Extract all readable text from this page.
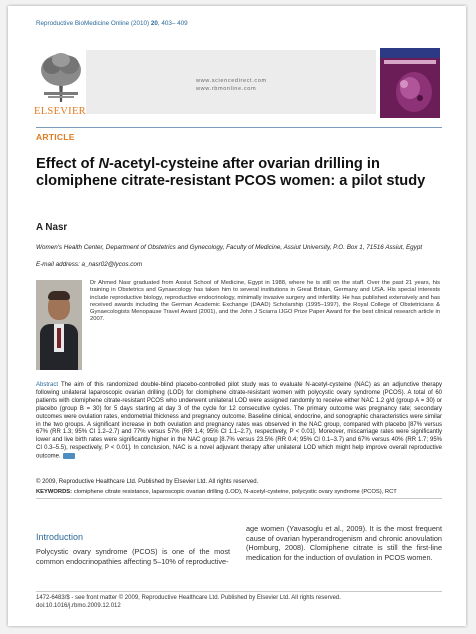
Reproductive BioMedicine Online (2010) 20, 403– 409
ELSEVIER
www.sciencedirect.com
www.rbmonline.com
ARTICLE
Effect of N-acetyl-cysteine after ovarian drilling in clomiphene citrate-resistant PCOS women: a pilot study
A Nasr
Women's Health Center, Department of Obstetrics and Gynecology, Faculty of Medicine, Assiut University, P.O. Box 1, 71516 Assiut, Egypt
E-mail address: a_nasr02@lycos.com
Dr Ahmed Nasr graduated from Assiut School of Medicine, Egypt in 1988, where he is still on the staff. Over the past 21 years, his training in Obstetrics and Gynaecology has taken him to several institutions in Great Britain, Germany and USA. His special interests include reproductive biology, reproductive endocrinology, minimally invasive surgery and infertility. He has published extensively and has received awards including the German Academic Exchange (DAAD) Scholarship (1995–1997), the Royal College of Obstetricians & Gynaecologists Menopause Travel Award (2001), and the John J Sciarra IJGO Prize Paper Award for the best clinical research article in 2007.
Abstract The aim of this randomized double-blind placebo-controlled pilot study was to evaluate N-acetyl-cysteine (NAC) as an adjunctive therapy following unilateral laparoscopic ovarian drilling (LOD) for clomiphene citrate-resistant women with polycystic ovary syndrome (PCOS). A total of 60 patients with clomiphene citrate-resistant PCOS who underwent unilateral LOD were assigned randomly to receive either NAC 1.2 g/d (group A = 30) or placebo (group B = 30) for 5 days starting at day 3 of the cycle for 12 consecutive cycles. The primary outcome was pregnancy rate; secondary outcomes were ovulation rates, endometrial thickness and pregnancy outcome. Baseline clinical, endocrine, and sonographic characteristics were similar in the two groups. A significant increase in both ovulation and pregnancy rates was observed in the NAC group, compared with placebo [87% versus 67% (RR 1.3; 95% CI 1.2–2.7) and 77% versus 57% (RR 1.4; 95% CI 1.1–2.7), respectively, P < 0.01]. Moreover, miscarriage rates were significantly lower and live birth rates were significantly higher in the NAC group [8.7% versus 23.5% (RR 0.4; 95% CI 0.1–3.7) and 67% versus 40% (RR 1.7; 95% CI 0.3–5.5), respectively, P < 0.01]. In conclusion, NAC is a novel adjuvant therapy after unilateral LOD which might help improve overall reproductive outcome.
© 2009, Reproductive Healthcare Ltd. Published by Elsevier Ltd. All rights reserved.
KEYWORDS: clomiphene citrate resistance, laparoscopic ovarian drilling (LOD), N-acetyl-cysteine, polycystic ovary syndrome (PCOS), RCT
Introduction
Polycystic ovary syndrome (PCOS) is one of the most common endocrinopathies affecting 5–10% of reproductive-
age women (Yavasoglu et al., 2009). It is the most frequent cause of ovarian hyperandrogenism and chronic anovulation (Homburg, 2008). Clomiphene citrate is still the first-line medication for the induction of ovulation in PCOS women.
1472-6483/$ - see front matter © 2009, Reproductive Healthcare Ltd. Published by Elsevier Ltd. All rights reserved.
doi:10.1016/j.rbmo.2009.12.012
